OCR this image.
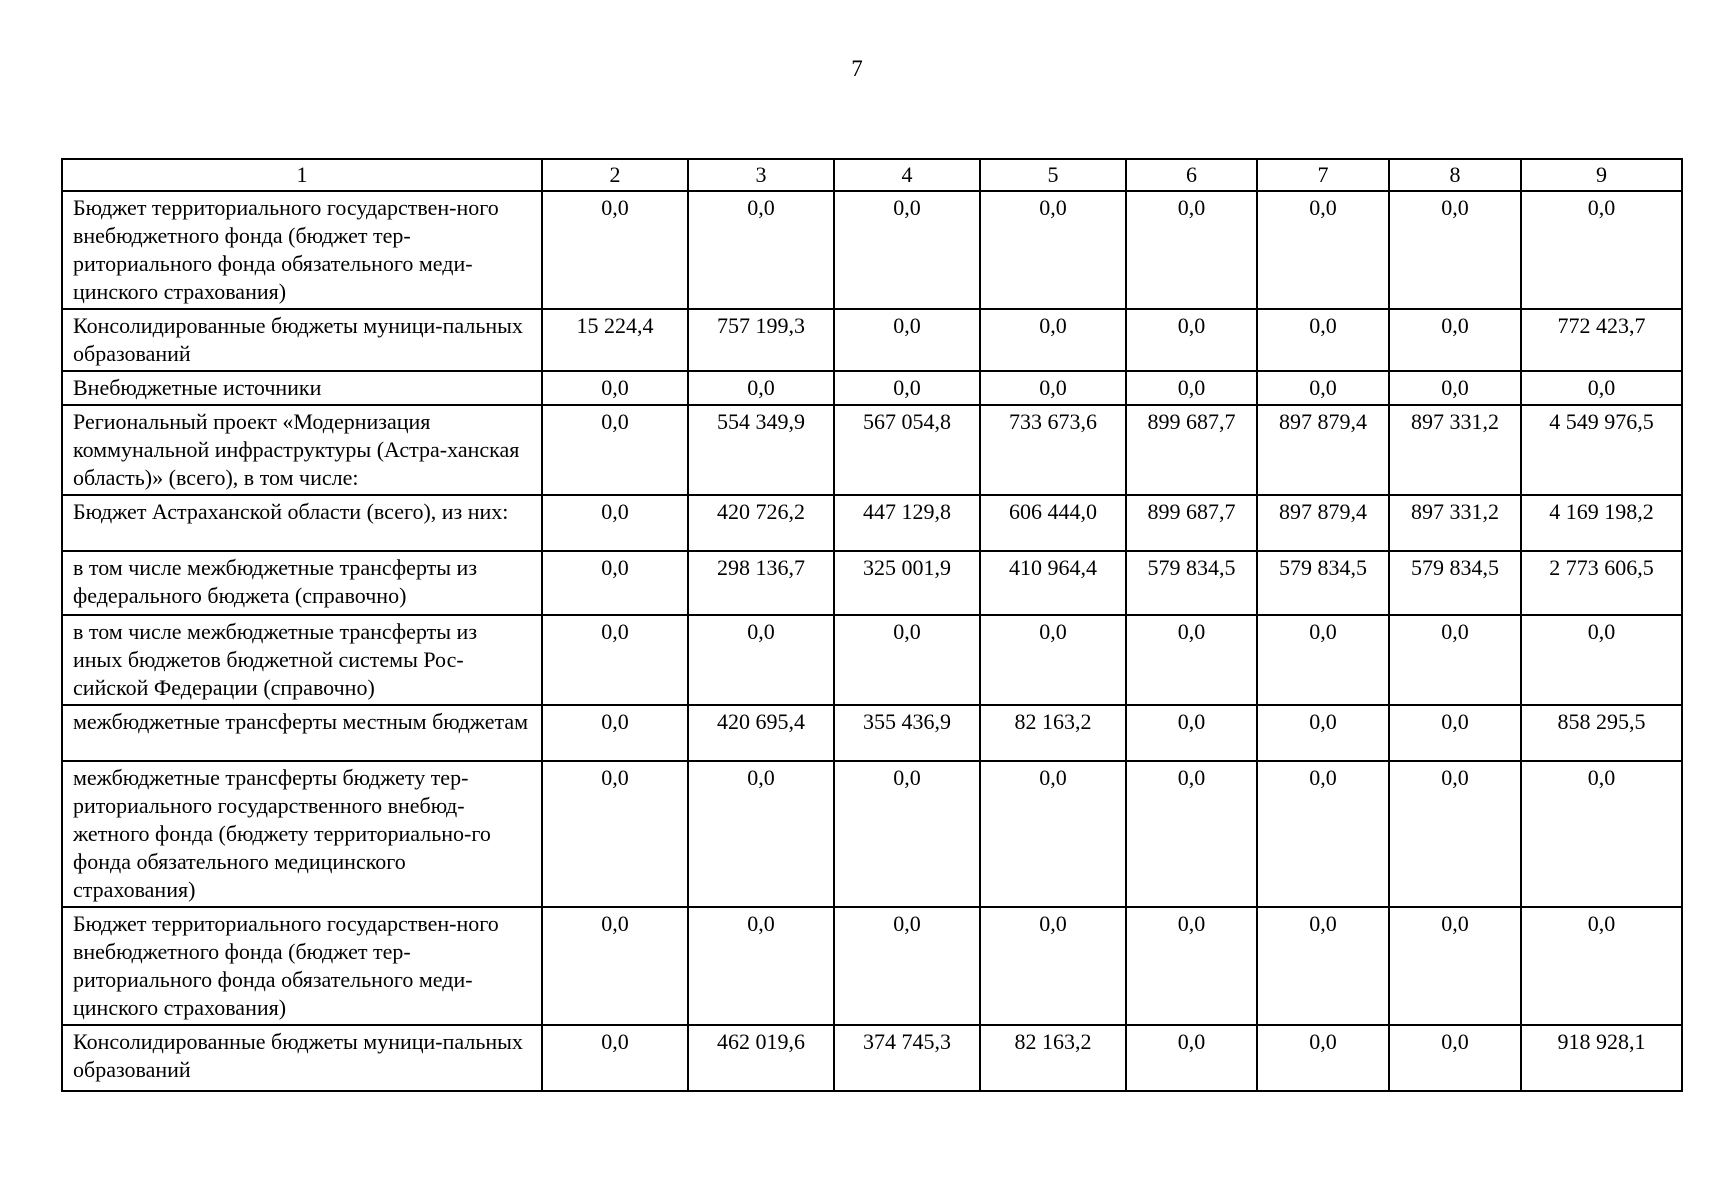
7
1	2	3	4	5	6	7	8	9
Бюджет территориального государствен-ного внебюджетного фонда (бюджет тер-риториального фонда обязательного меди-цинского страхования)	0,0	0,0	0,0	0,0	0,0	0,0	0,0	0,0
Консолидированные бюджеты муници-пальных образований	15 224,4	757 199,3	0,0	0,0	0,0	0,0	0,0	772 423,7
Внебюджетные источники	0,0	0,0	0,0	0,0	0,0	0,0	0,0	0,0
Региональный проект «Модернизация коммунальной инфраструктуры (Астра-ханская область)» (всего), в том числе:	0,0	554 349,9	567 054,8	733 673,6	899 687,7	897 879,4	897 331,2	4 549 976,5
Бюджет Астраханской области (всего), из них:	0,0	420 726,2	447 129,8	606 444,0	899 687,7	897 879,4	897 331,2	4 169 198,2
в том числе межбюджетные трансферты из федерального бюджета (справочно)	0,0	298 136,7	325 001,9	410 964,4	579 834,5	579 834,5	579 834,5	2 773 606,5
в том числе межбюджетные трансферты из иных бюджетов бюджетной системы Рос-сийской Федерации (справочно)	0,0	0,0	0,0	0,0	0,0	0,0	0,0	0,0
межбюджетные трансферты местным бюджетам	0,0	420 695,4	355 436,9	82 163,2	0,0	0,0	0,0	858 295,5
межбюджетные трансферты бюджету тер-риториального государственного внебюд-жетного фонда (бюджету территориально-го фонда обязательного медицинского страхования)	0,0	0,0	0,0	0,0	0,0	0,0	0,0	0,0
Бюджет территориального государствен-ного внебюджетного фонда (бюджет тер-риториального фонда обязательного меди-цинского страхования)	0,0	0,0	0,0	0,0	0,0	0,0	0,0	0,0
Консолидированные бюджеты муници-пальных образований	0,0	462 019,6	374 745,3	82 163,2	0,0	0,0	0,0	918 928,1
